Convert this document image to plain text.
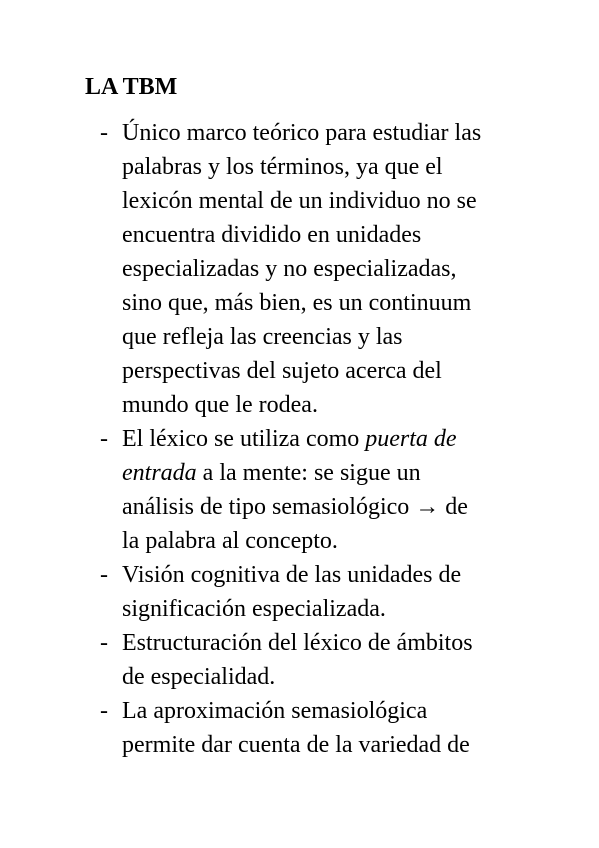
LA TBM
- Único marco teórico para estudiar las
palabras y los términos, ya que el
lexicón mental de un individuo no se
encuentra dividido en unidades
especializadas y no especializadas,
sino que, más bien, es un continuum
que refleja las creencias y las
perspectivas del sujeto acerca del
mundo que le rodea.
- El léxico se utiliza como puerta de
entrada a la mente: se sigue un
análisis de tipo semasiológico → de
la palabra al concepto.
- Visión cognitiva de las unidades de
significación especializada.
- Estructuración del léxico de ámbitos
de especialidad.
- La aproximación semasiológica
permite dar cuenta de la variedad de
